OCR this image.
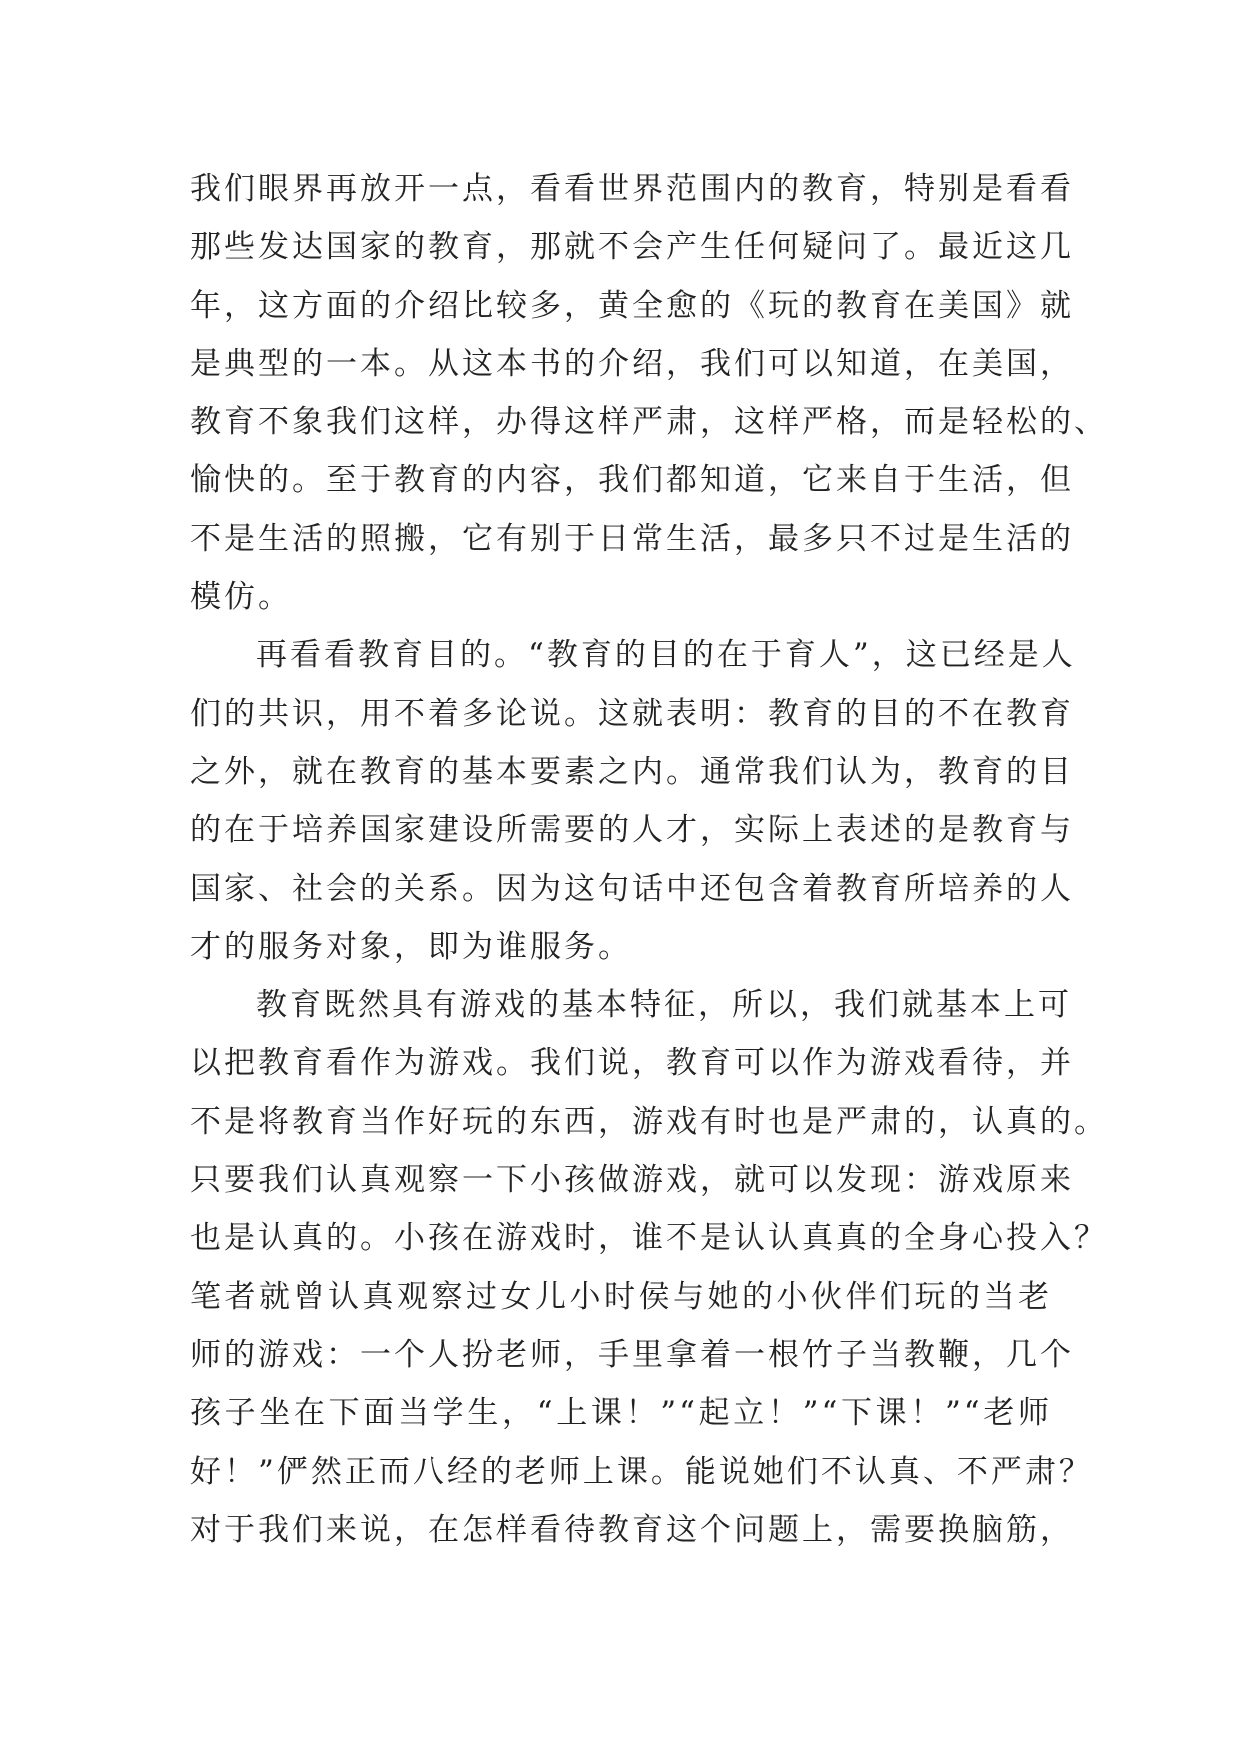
我们眼界再放开一点，看看世界范围内的教育，特别是看看
那些发达国家的教育，那就不会产生任何疑问了。最近这几
年，这方面的介绍比较多，黄全愈的《玩的教育在美国》就
是典型的一本。从这本书的介绍，我们可以知道，在美国，
教育不象我们这样，办得这样严肃，这样严格，而是轻松的、
愉快的。至于教育的内容，我们都知道，它来自于生活，但
不是生活的照搬，它有别于日常生活，最多只不过是生活的
模仿。
再看看教育目的。“教育的目的在于育人”，这已经是人
们的共识，用不着多论说。这就表明：教育的目的不在教育
之外，就在教育的基本要素之内。通常我们认为，教育的目
的在于培养国家建设所需要的人才，实际上表述的是教育与
国家、社会的关系。因为这句话中还包含着教育所培养的人
才的服务对象，即为谁服务。
教育既然具有游戏的基本特征，所以，我们就基本上可
以把教育看作为游戏。我们说，教育可以作为游戏看待，并
不是将教育当作好玩的东西，游戏有时也是严肃的，认真的。
只要我们认真观察一下小孩做游戏，就可以发现：游戏原来
也是认真的。小孩在游戏时，谁不是认认真真的全身心投入？
笔者就曾认真观察过女儿小时侯与她的小伙伴们玩的当老
师的游戏：一个人扮老师，手里拿着一根竹子当教鞭，几个
孩子坐在下面当学生，“上课！”“起立！”“下课！”“老师
好！”俨然正而八经的老师上课。能说她们不认真、不严肃？
对于我们来说，在怎样看待教育这个问题上，需要换脑筋，
